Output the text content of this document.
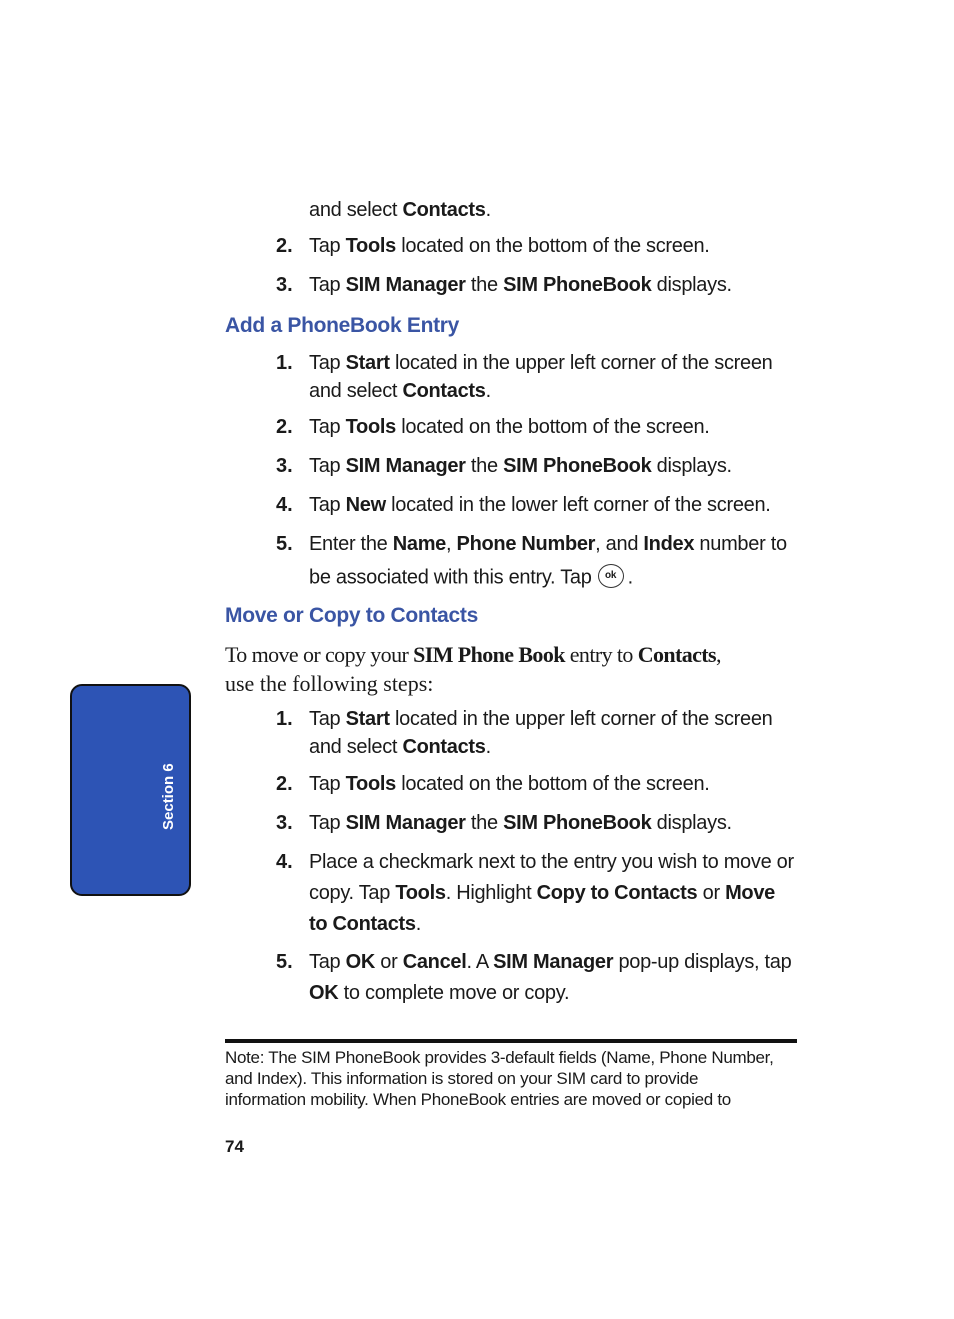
and select Contacts.
2. Tap Tools located on the bottom of the screen.
3. Tap SIM Manager the SIM PhoneBook displays.
Add a PhoneBook Entry
1. Tap Start located in the upper left corner of the screen
and select Contacts.
2. Tap Tools located on the bottom of the screen.
3. Tap SIM Manager the SIM PhoneBook displays.
4. Tap New located in the lower left corner of the screen.
5. Enter the Name, Phone Number, and Index number to
be associated with this entry. Tap ok .
Move or Copy to Contacts
To move or copy your SIM Phone Book entry to Contacts,
use the following steps:
1. Tap Start located in the upper left corner of the screen
and select Contacts.
2. Tap Tools located on the bottom of the screen.
3. Tap SIM Manager the SIM PhoneBook displays.
4. Place a checkmark next to the entry you wish to move or
copy. Tap Tools. Highlight Copy to Contacts or Move
to Contacts.
5. Tap OK or Cancel. A SIM Manager pop-up displays, tap
OK to complete move or copy.
Note: The SIM PhoneBook provides 3-default fields (Name, Phone Number,
and Index). This information is stored on your SIM card to provide
information mobility. When PhoneBook entries are moved or copied to
Section 6
74
